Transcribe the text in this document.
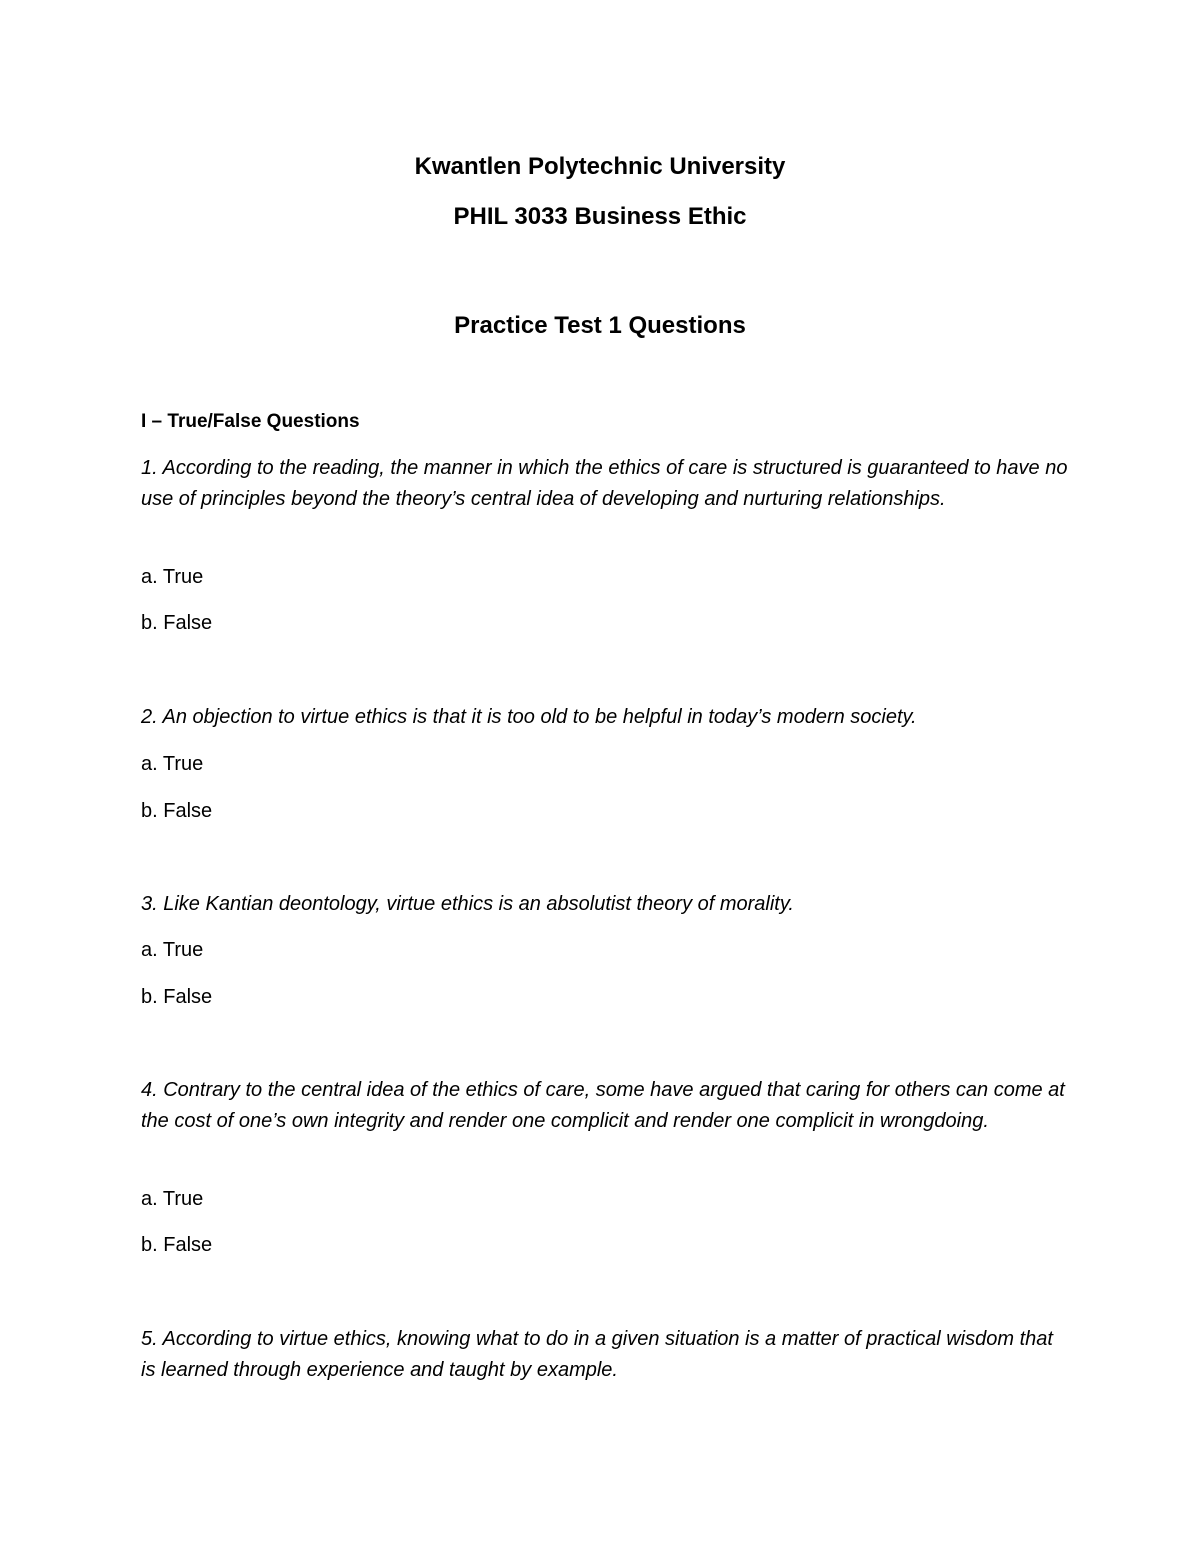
Kwantlen Polytechnic University
PHIL 3033 Business Ethic
Practice Test 1 Questions
I – True/False Questions

1. According to the reading, the manner in which the ethics of care is structured is guaranteed to have no use of principles beyond the theory’s central idea of developing and nurturing relationships.

a. True

b. False

2. An objection to virtue ethics is that it is too old to be helpful in today’s modern society.

a. True

b. False

3. Like Kantian deontology, virtue ethics is an absolutist theory of morality.

a. True

b. False

4. Contrary to the central idea of the ethics of care, some have argued that caring for others can come at the cost of one’s own integrity and render one complicit and render one complicit in wrongdoing.

a. True

b. False

5. According to virtue ethics, knowing what to do in a given situation is a matter of practical wisdom that is learned through experience and taught by example.
